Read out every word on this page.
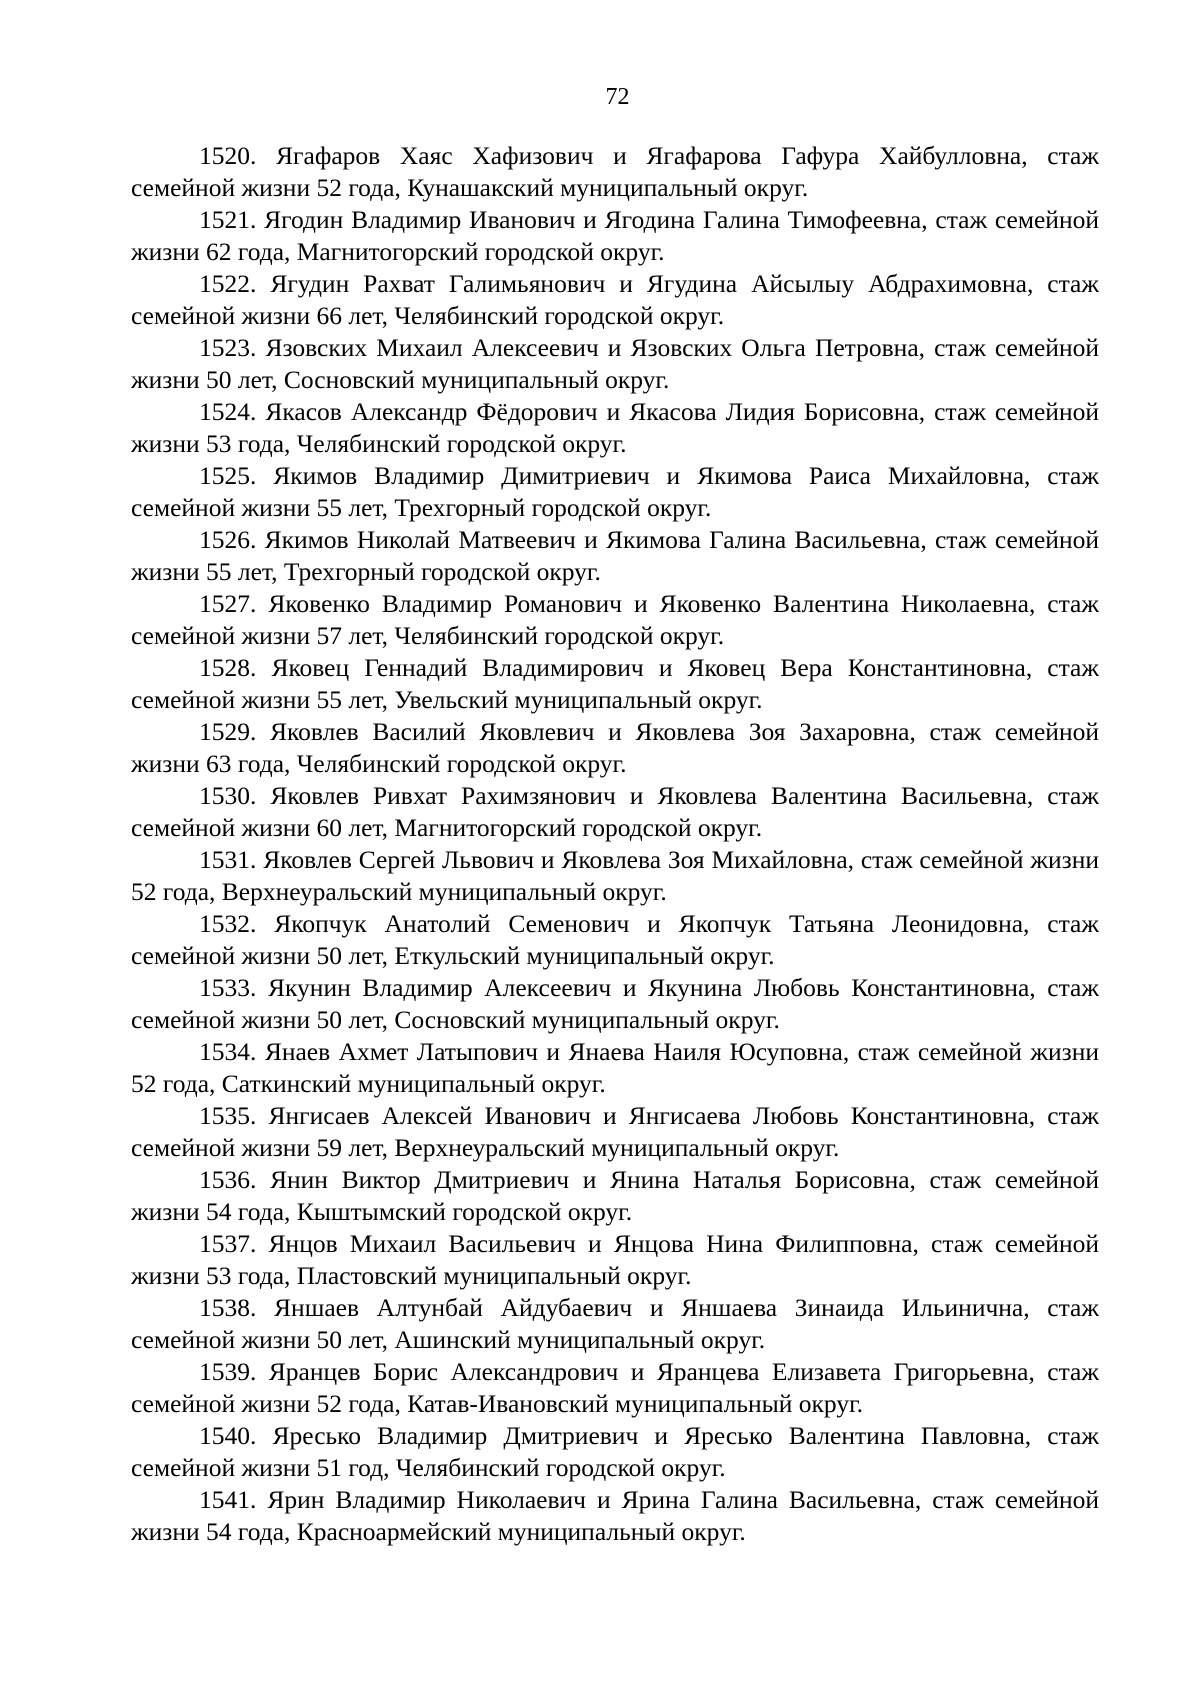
72
1520. Ягафаров Хаяс Хафизович и Ягафарова Гафура Хайбулловна, стаж семейной жизни 52 года, Кунашакский муниципальный округ.
1521. Ягодин Владимир Иванович и Ягодина Галина Тимофеевна, стаж семейной жизни 62 года, Магнитогорский городской округ.
1522. Ягудин Рахват Галимьянович и Ягудина Айсылыу Абдрахимовна, стаж семейной жизни 66 лет, Челябинский городской округ.
1523. Язовских Михаил Алексеевич и Язовских Ольга Петровна, стаж семейной жизни 50 лет, Сосновский муниципальный округ.
1524. Якасов Александр Фёдорович и Якасова Лидия Борисовна, стаж семейной жизни 53 года, Челябинский городской округ.
1525. Якимов Владимир Димитриевич и Якимова Раиса Михайловна, стаж семейной жизни 55 лет, Трехгорный городской округ.
1526. Якимов Николай Матвеевич и Якимова Галина Васильевна, стаж семейной жизни 55 лет, Трехгорный городской округ.
1527. Яковенко Владимир Романович и Яковенко Валентина Николаевна, стаж семейной жизни 57 лет, Челябинский городской округ.
1528. Яковец Геннадий Владимирович и Яковец Вера Константиновна, стаж семейной жизни 55 лет, Увельский муниципальный округ.
1529. Яковлев Василий Яковлевич и Яковлева Зоя Захаровна, стаж семейной жизни 63 года, Челябинский городской округ.
1530. Яковлев Ривхат Рахимзянович и Яковлева Валентина Васильевна, стаж семейной жизни 60 лет, Магнитогорский городской округ.
1531. Яковлев Сергей Львович и Яковлева Зоя Михайловна, стаж семейной жизни 52 года, Верхнеуральский муниципальный округ.
1532. Якопчук Анатолий Семенович и Якопчук Татьяна Леонидовна, стаж семейной жизни 50 лет, Еткульский муниципальный округ.
1533. Якунин Владимир Алексеевич и Якунина Любовь Константиновна, стаж семейной жизни 50 лет, Сосновский муниципальный округ.
1534. Янаев Ахмет Латыпович и Янаева Наиля Юсуповна, стаж семейной жизни 52 года, Саткинский муниципальный округ.
1535. Янгисаев Алексей Иванович и Янгисаева Любовь Константиновна, стаж семейной жизни 59 лет, Верхнеуральский муниципальный округ.
1536. Янин Виктор Дмитриевич и Янина Наталья Борисовна, стаж семейной жизни 54 года, Кыштымский городской округ.
1537. Янцов Михаил Васильевич и Янцова Нина Филипповна, стаж семейной жизни 53 года, Пластовский муниципальный округ.
1538. Яншаев Алтунбай Айдубаевич и Яншаева Зинаида Ильинична, стаж семейной жизни 50 лет, Ашинский муниципальный округ.
1539. Яранцев Борис Александрович и Яранцева Елизавета Григорьевна, стаж семейной жизни 52 года, Катав-Ивановский муниципальный округ.
1540. Яресько Владимир Дмитриевич и Яресько Валентина Павловна, стаж семейной жизни 51 год, Челябинский городской округ.
1541. Ярин Владимир Николаевич и Ярина Галина Васильевна, стаж семейной жизни 54 года, Красноармейский муниципальный округ.
